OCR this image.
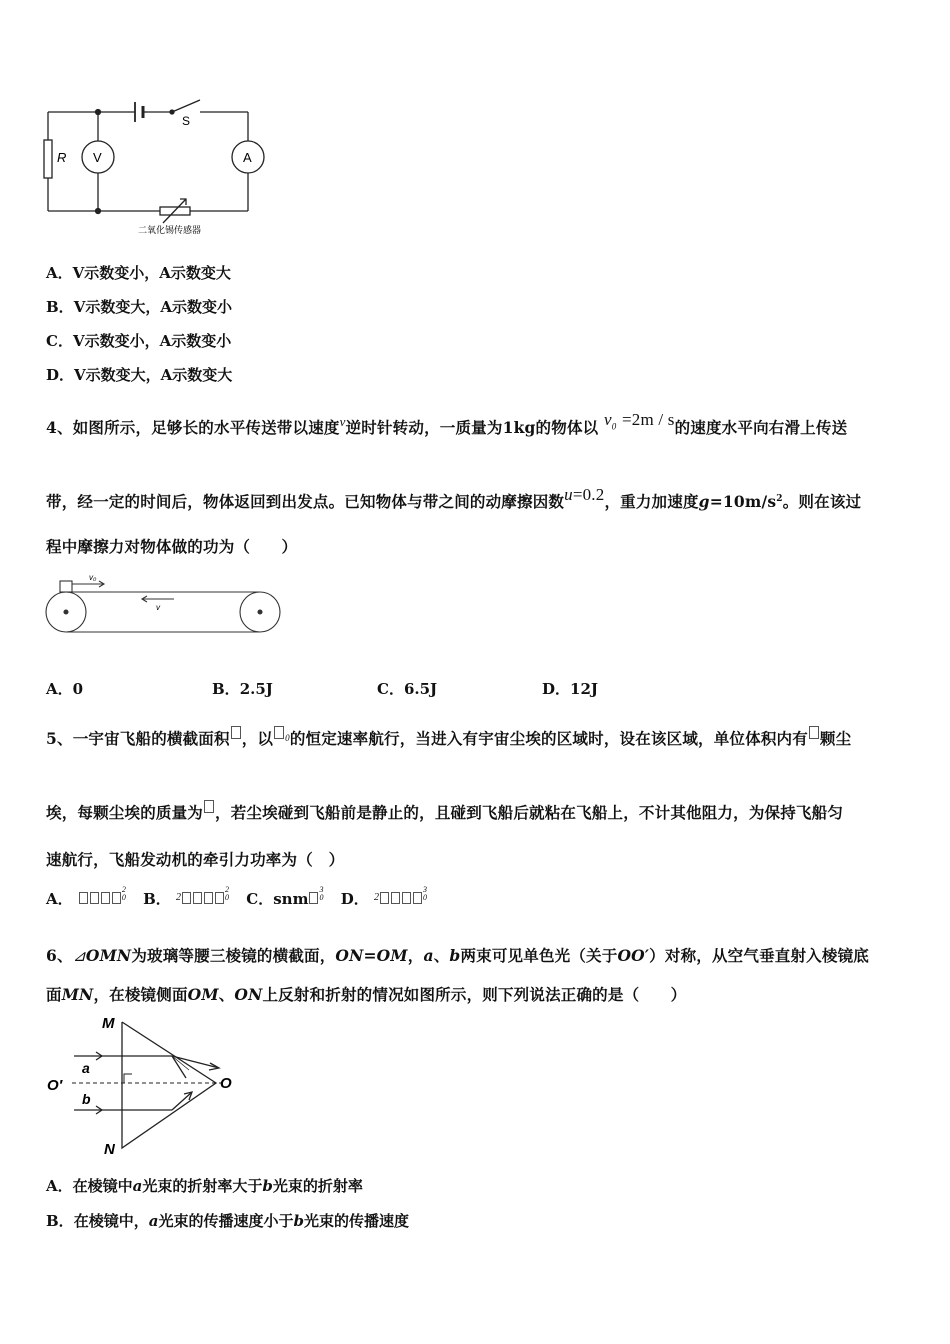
R V	A
S
二氧化锡传感器
A．V示数变小，A示数变大
B．V示数变大，A示数变小
C．V示数变小，A示数变小
D．V示数变大，A示数变大
4、如图所示，足够长的水平传送带以速度$^v$逆时针转动，一质量为1kg的物体以 $v_0 =2m / s$的速度水平向右滑上传送
带，经一定的时间后，物体返回到出发点。已知物体与带之间的动摩擦因数u=0.2，重力加速度$g=10m/s^2$。则在该过
程中摩擦力对物体做的功为（　　）
v₀
v
A．0	B．2.5J	C．6.5J	D．12J
5、一宇宙飞船的横截面积 ，以 0的恒定速率航行，当进入有宇宙尘埃的区域时，设在该区域，单位体积内有 颗尘
埃，每颗尘埃的质量为 ，若尘埃碰到飞船前是静止的，且碰到飞船后就粘在飞船上，不计其他阻力，为保持飞船匀
速航行，飞船发动机的牵引力功率为（　）
A． 2
0 B． $^2$2
0 C．snm3
0 D． $^2$3
0
6、⊿OMN为玻璃等腰三棱镜的横截面，ON=OM，a、b两束可见单色光（关于OO′）对称，从空气垂直射入棱镜底
面MN，在棱镜侧面OM、ON上反射和折射的情况如图所示，则下列说法正确的是（　　）
M
N
O
O′
a
b
A．在棱镜中a光束的折射率大于b光束的折射率
B．在棱镜中，a光束的传播速度小于b光束的传播速度
